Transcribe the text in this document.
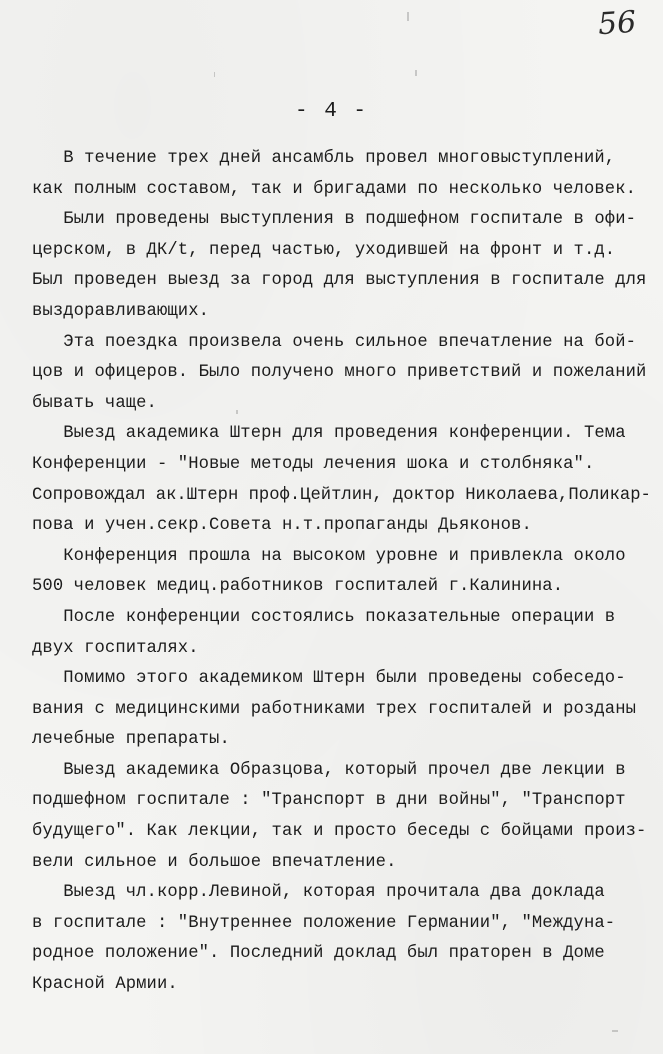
56
- 4 -
В течение трех дней ансамбль провел многовыступлений,
как полным составом, так и бригадами по несколько человек.
Были проведены выступления в подшефном госпитале в офи-
церском, в ДК/t, перед частью, уходившей на фронт и т.д.
Был проведен выезд за город для выступления в госпитале для
выздоравливающих.
Эта поездка произвела очень сильное впечатление на бой-
цов и офицеров. Было получено много приветствий и пожеланий
бывать чаще.
Выезд академика Штерн для проведения конференции. Тема
Конференции - "Новые методы лечения шока и столбняка".
Сопровождал ак.Штерн проф.Цейтлин, доктор Николаева,Поликар-
пова и учен.секр.Совета н.т.пропаганды Дьяконов.
Конференция прошла на высоком уровне и привлекла около
500 человек медиц.работников госпиталей г.Калинина.
После конференции состоялись показательные операции в
двух госпиталях.
Помимо этого академиком Штерн были проведены собеседо-
вания с медицинскими работниками трех госпиталей и розданы
лечебные препараты.
Выезд академика Образцова, который прочел две лекции в
подшефном госпитале : "Транспорт в дни войны", "Транспорт
будущего". Как лекции, так и просто беседы с бойцами произ-
вели сильное и большое впечатление.
Выезд чл.корр.Левиной, которая прочитала два доклада
в госпитале : "Внутреннее положение Германии", "Междуна-
родное положение". Последний доклад был праторен в Доме
Красной Армии.
